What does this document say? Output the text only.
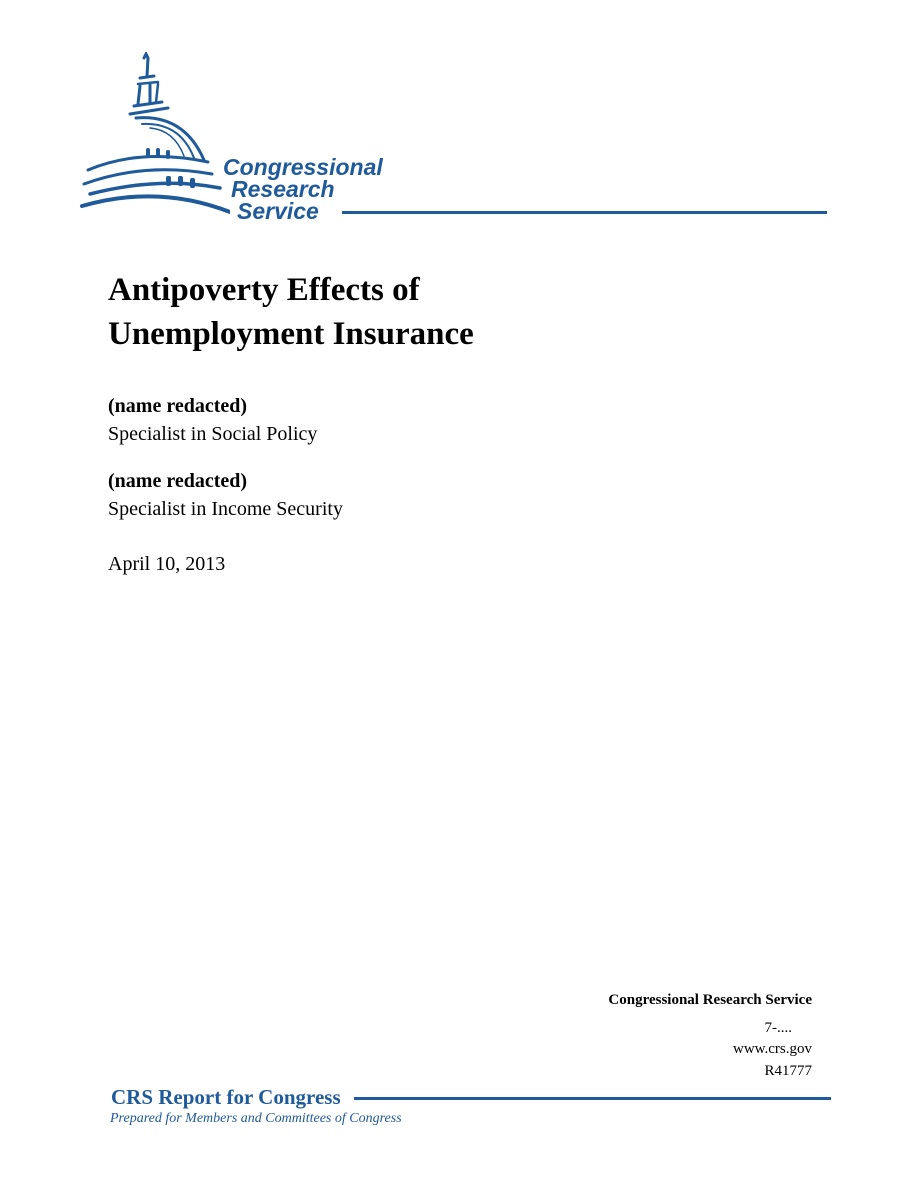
Congressional
Research
Service
Antipoverty Effects of
Unemployment Insurance
(name redacted)
Specialist in Social Policy
(name redacted)
Specialist in Income Security
April 10, 2013
Congressional Research Service
7-....
www.crs.gov
R41777
CRS Report for Congress
Prepared for Members and Committees of Congress
